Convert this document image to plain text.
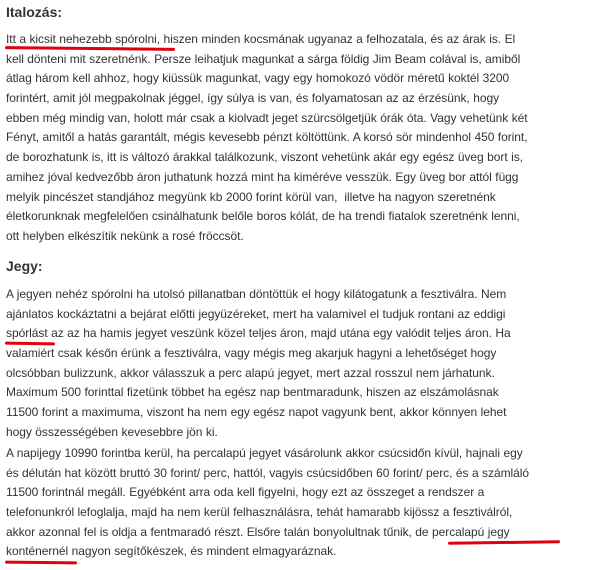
Italozás:
Itt a kicsit nehezebb spórolni, hiszen minden kocsmának ugyanaz a felhozatala, és az árak is. El
kell dönteni mit szeretnénk. Persze leihatjuk magunkat a sárga földig Jim Beam colával is, amiből
átlag három kell ahhoz, hogy kiüssük magunkat, vagy egy homokozó vödör méretű koktél 3200
forintért, amit jól megpakolnak jéggel, így súlya is van, és folyamatosan az az érzésünk, hogy
ebben még mindig van, holott már csak a kiolvadt jeget szürcsölgetjük órák óta. Vagy vehetünk két
Fényt, amitől a hatás garantált, mégis kevesebb pénzt költöttünk. A korsó sör mindenhol 450 forint,
de borozhatunk is, itt is változó árakkal találkozunk, viszont vehetünk akár egy egész üveg bort is,
amihez jóval kedvezőbb áron juthatunk hozzá mint ha kiméréve vesszük. Egy üveg bor attól függ
melyik pincészet standjához megyünk kb 2000 forint körül van,  illetve ha nagyon szeretnénk
életkorunknak megfelelően csinálhatunk belőle boros kólát, de ha trendi fiatalok szeretnénk lenni,
ott helyben elkészítik nekünk a rosé fröccsöt.
Jegy:
A jegyen nehéz spórolni ha utolsó pillanatban döntöttük el hogy kilátogatunk a fesztiválra. Nem
ajánlatos kockáztatni a bejárat előtti jegyüzéreket, mert ha valamivel el tudjuk rontani az eddigi
spórlást az az ha hamis jegyet veszünk közel teljes áron, majd utána egy valódit teljes áron. Ha
valamiért csak későn érünk a fesztiválra, vagy mégis meg akarjuk hagyni a lehetőséget hogy
olcsóbban bulizzunk, akkor válasszuk a perc alapú jegyet, mert azzal rosszul nem járhatunk.
Maximum 500 forinttal fizetünk többet ha egész nap bentmaradunk, hiszen az elszámolásnak
11500 forint a maximuma, viszont ha nem egy egész napot vagyunk bent, akkor könnyen lehet
hogy összességében kevesebbre jön ki.
A napijegy 10990 forintba kerül, ha percalapú jegyet vásárolunk akkor csúcsidőn kívül, hajnali egy
és délután hat között bruttó 30 forint/ perc, hattól, vagyis csúcsidőben 60 forint/ perc, és a számláló
11500 forintnál megáll. Egyébként arra oda kell figyelni, hogy ezt az összeget a rendszer a
telefonunkról lefoglalja, majd ha nem kerül felhasználásra, tehát hamarabb kijössz a fesztiválról,
akkor azonnal fel is oldja a fentmaradó részt. Elsőre talán bonyolultnak tűnik, de percalapú jegy
konténernél nagyon segítőkészek, és mindent elmagyaráznak.
